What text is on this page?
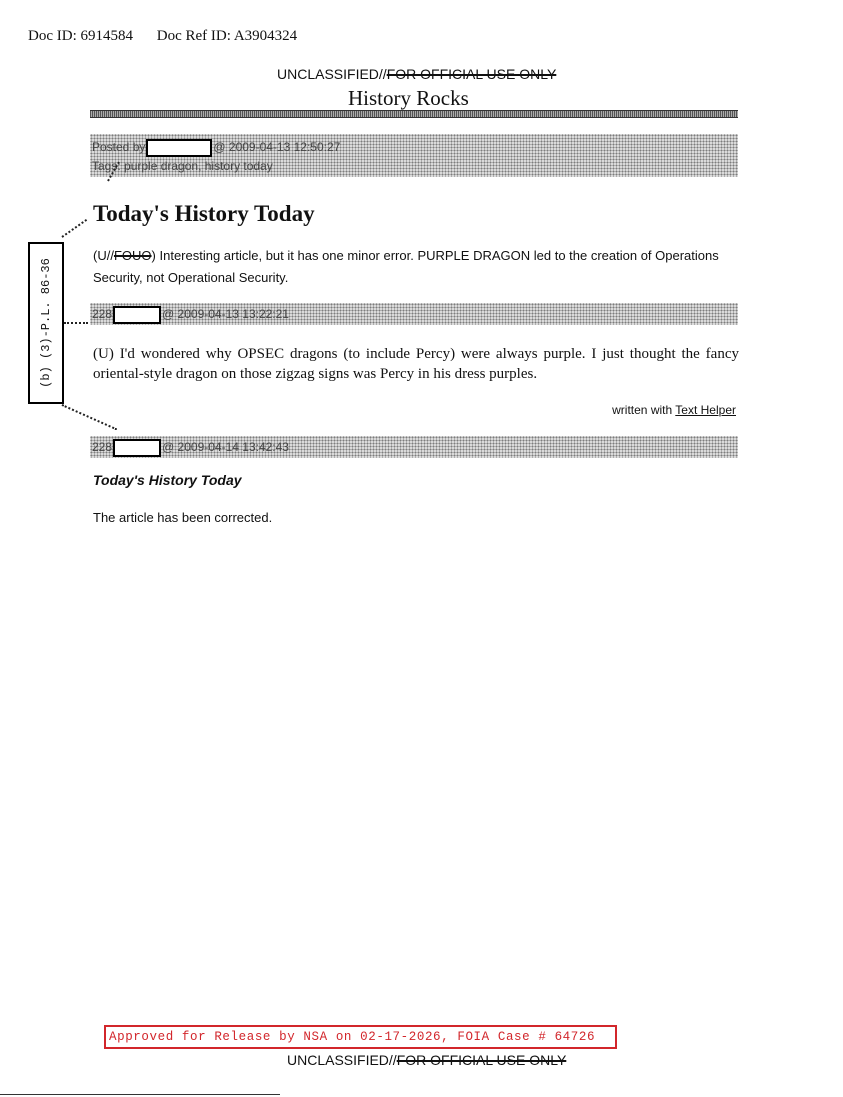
Doc ID: 6914584 Doc Ref ID: A3904324
UNCLASSIFIED//FOR OFFICIAL USE ONLY
History Rocks
Posted by	@ 2009-04-13 12:50:27
Tags: purple dragon, history today
Today's History Today
(U//FOUO) Interesting article, but it has one minor error. PURPLE DRAGON led to the creation of Operations Security, not Operational Security.
228	@ 2009-04-13 13:22:21
(U) I'd wondered why OPSEC dragons (to include Percy) were always purple. I just thought the fancy oriental-style dragon on those zigzag signs was Percy in his dress purples.
written with Text Helper
228	@ 2009-04-14 13:42:43
Today's History Today
The article has been corrected.
(b) (3)-P.L. 86-36
Approved for Release by NSA on 02-17-2026, FOIA Case # 64726
UNCLASSIFIED//FOR OFFICIAL USE ONLY
